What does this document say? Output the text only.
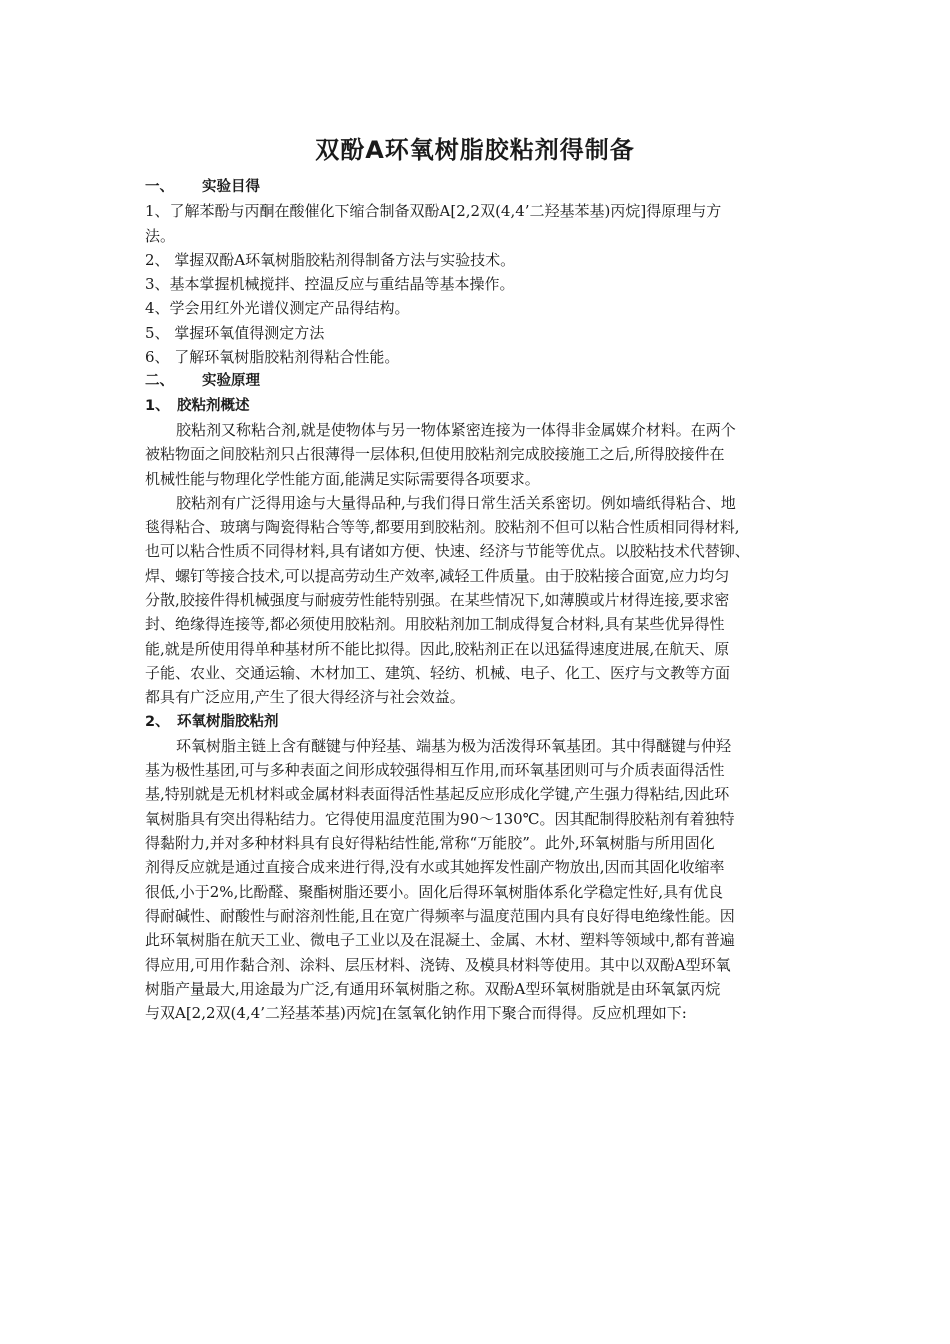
双酚A环氧树脂胶粘剂得制备
一、 实验目得
1、了解苯酚与丙酮在酸催化下缩合制备双酚A[2,2双(4,4’二羟基苯基)丙烷]得原理与方
法。
2、 掌握双酚A环氧树脂胶粘剂得制备方法与实验技术。
3、基本掌握机械搅拌、控温反应与重结晶等基本操作。
4、学会用红外光谱仪测定产品得结构。
5、 掌握环氧值得测定方法
6、 了解环氧树脂胶粘剂得粘合性能。
二、 实验原理
1、 胶粘剂概述
胶粘剂又称粘合剂,就是使物体与另一物体紧密连接为一体得非金属媒介材料。在两个
被粘物面之间胶粘剂只占很薄得一层体积,但使用胶粘剂完成胶接施工之后,所得胶接件在
机械性能与物理化学性能方面,能满足实际需要得各项要求。
胶粘剂有广泛得用途与大量得品种,与我们得日常生活关系密切。例如墙纸得粘合、地
毯得粘合、玻璃与陶瓷得粘合等等,都要用到胶粘剂。胶粘剂不但可以粘合性质相同得材料,
也可以粘合性质不同得材料,具有诸如方便、快速、经济与节能等优点。以胶粘技术代替铆、
焊、螺钉等接合技术,可以提高劳动生产效率,减轻工件质量。由于胶粘接合面宽,应力均匀
分散,胶接件得机械强度与耐疲劳性能特别强。在某些情况下,如薄膜或片材得连接,要求密
封、绝缘得连接等,都必须使用胶粘剂。用胶粘剂加工制成得复合材料,具有某些优异得性
能,就是所使用得单种基材所不能比拟得。因此,胶粘剂正在以迅猛得速度进展,在航天、原
子能、农业、交通运输、木材加工、建筑、轻纺、机械、电子、化工、医疗与文教等方面
都具有广泛应用,产生了很大得经济与社会效益。
2、 环氧树脂胶粘剂
环氧树脂主链上含有醚键与仲羟基、端基为极为活泼得环氧基团。其中得醚键与仲羟
基为极性基团,可与多种表面之间形成较强得相互作用,而环氧基团则可与介质表面得活性
基,特别就是无机材料或金属材料表面得活性基起反应形成化学键,产生强力得粘结,因此环
氧树脂具有突出得粘结力。它得使用温度范围为90～130℃。因其配制得胶粘剂有着独特
得黏附力,并对多种材料具有良好得粘结性能,常称“万能胶”。此外,环氧树脂与所用固化
剂得反应就是通过直接合成来进行得,没有水或其她挥发性副产物放出,因而其固化收缩率
很低,小于2%,比酚醛、聚酯树脂还要小。固化后得环氧树脂体系化学稳定性好,具有优良
得耐碱性、耐酸性与耐溶剂性能,且在宽广得频率与温度范围内具有良好得电绝缘性能。因
此环氧树脂在航天工业、微电子工业以及在混凝土、金属、木材、塑料等领域中,都有普遍
得应用,可用作黏合剂、涂料、层压材料、浇铸、及模具材料等使用。其中以双酚A型环氧
树脂产量最大,用途最为广泛,有通用环氧树脂之称。双酚A型环氧树脂就是由环氧氯丙烷
与双A[2,2双(4,4’二羟基苯基)丙烷]在氢氧化钠作用下聚合而得得。反应机理如下:
